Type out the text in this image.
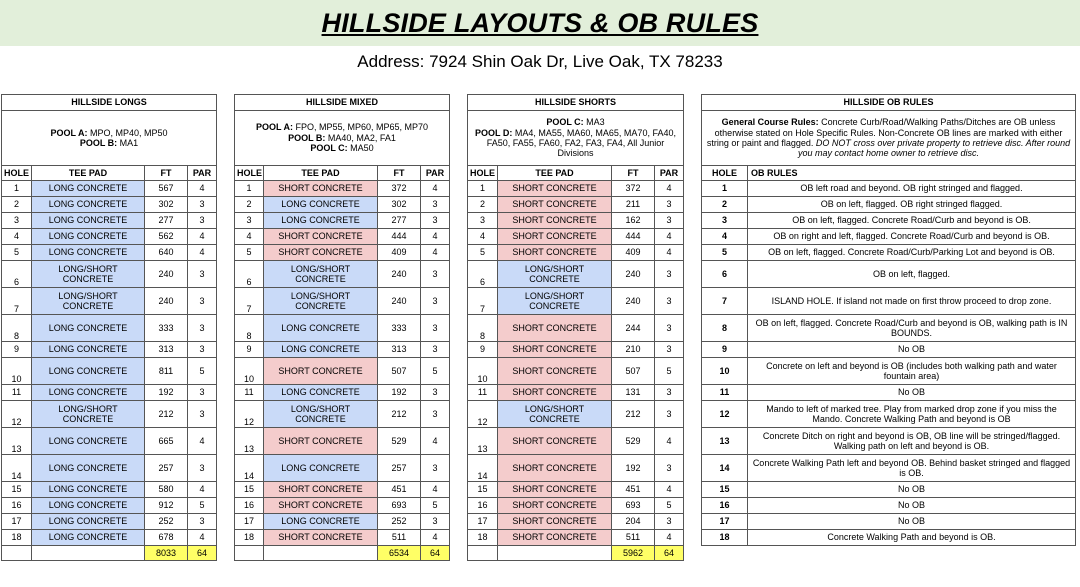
HILLSIDE LAYOUTS & OB RULES
Address: 7924 Shin Oak Dr, Live Oak, TX 78233
HILLSIDE LONGS			

POOL A: MPO, MP40, MP50
POOL B: MA1			

HOLE	TEE PAD	FT	PAR
1	LONG CONCRETE	567	4
2	LONG CONCRETE	302	3
3	LONG CONCRETE	277	3
4	LONG CONCRETE	562	4
5	LONG CONCRETE	640	4
6	LONG/SHORT CONCRETE	240	3
7	LONG/SHORT CONCRETE	240	3
8	LONG CONCRETE	333	3
9	LONG CONCRETE	313	3
10	LONG CONCRETE	811	5
11	LONG CONCRETE	192	3
12	LONG/SHORT CONCRETE	212	3
13	LONG CONCRETE	665	4
14	LONG CONCRETE	257	3
15	LONG CONCRETE	580	4
16	LONG CONCRETE	912	5
17	LONG CONCRETE	252	3
18	LONG CONCRETE	678	4
		8033	64
HILLSIDE MIXED			

POOL A: FPO, MP55, MP60, MP65, MP70
POOL B: MA40, MA2, FA1
POOL C: MA50			

HOLE	TEE PAD	FT	PAR
1	SHORT CONCRETE	372	4
2	LONG CONCRETE	302	3
3	LONG CONCRETE	277	3
4	SHORT CONCRETE	444	4
5	SHORT CONCRETE	409	4
6	LONG/SHORT CONCRETE	240	3
7	LONG/SHORT CONCRETE	240	3
8	LONG CONCRETE	333	3
9	LONG CONCRETE	313	3
10	SHORT CONCRETE	507	5
11	LONG CONCRETE	192	3
12	LONG/SHORT CONCRETE	212	3
13	SHORT CONCRETE	529	4
14	LONG CONCRETE	257	3
15	SHORT CONCRETE	451	4
16	SHORT CONCRETE	693	5
17	LONG CONCRETE	252	3
18	SHORT CONCRETE	511	4
		6534	64
HILLSIDE SHORTS			

POOL C: MA3
POOL D: MA4, MA55, MA60, MA65, MA70, FA40, FA50, FA55, FA60, FA2, FA3, FA4, All Junior Divisions			

HOLE	TEE PAD	FT	PAR
1	SHORT CONCRETE	372	4
2	SHORT CONCRETE	211	3
3	SHORT CONCRETE	162	3
4	SHORT CONCRETE	444	4
5	SHORT CONCRETE	409	4
6	LONG/SHORT CONCRETE	240	3
7	LONG/SHORT CONCRETE	240	3
8	SHORT CONCRETE	244	3
9	SHORT CONCRETE	210	3
10	SHORT CONCRETE	507	5
11	SHORT CONCRETE	131	3
12	LONG/SHORT CONCRETE	212	3
13	SHORT CONCRETE	529	4
14	SHORT CONCRETE	192	3
15	SHORT CONCRETE	451	4
16	SHORT CONCRETE	693	5
17	SHORT CONCRETE	204	3
18	SHORT CONCRETE	511	4
		5962	64
HILLSIDE OB RULES	
General Course Rules: Concrete Curb/Road/Walking Paths/Ditches are OB unless otherwise stated on Hole Specific Rules. Non-Concrete OB lines are marked with either string or paint and flagged. DO NOT cross over private property to retrieve disc. After round you may contact home owner to retrieve disc.	
HOLE	OB RULES
1	OB left road and beyond. OB right stringed and flagged.
2	OB on left, flagged. OB right stringed flagged.
3	OB on left, flagged. Concrete Road/Curb and beyond is OB.
4	OB on right and left, flagged. Concrete Road/Curb and beyond is OB.
5	OB on left, flagged. Concrete Road/Curb/Parking Lot and beyond is OB.
6	OB on left, flagged.
7	ISLAND HOLE. If island not made on first throw proceed to drop zone.
8	OB on left, flagged. Concrete Road/Curb and beyond is OB, walking path is IN BOUNDS.
9	No OB
10	Concrete on left and beyond is OB (includes both walking path and water fountain area)
11	No OB
12	Mando to left of marked tree. Play from marked drop zone if you miss the Mando. Concrete Walking Path and beyond is OB
13	Concrete Ditch on right and beyond is OB, OB line will be stringed/flagged. Walking path on left and beyond is OB.
14	Concrete Walking Path left and beyond OB. Behind basket stringed and flagged is OB.
15	No OB
16	No OB
17	No OB
18	Concrete Walking Path and beyond is OB.
